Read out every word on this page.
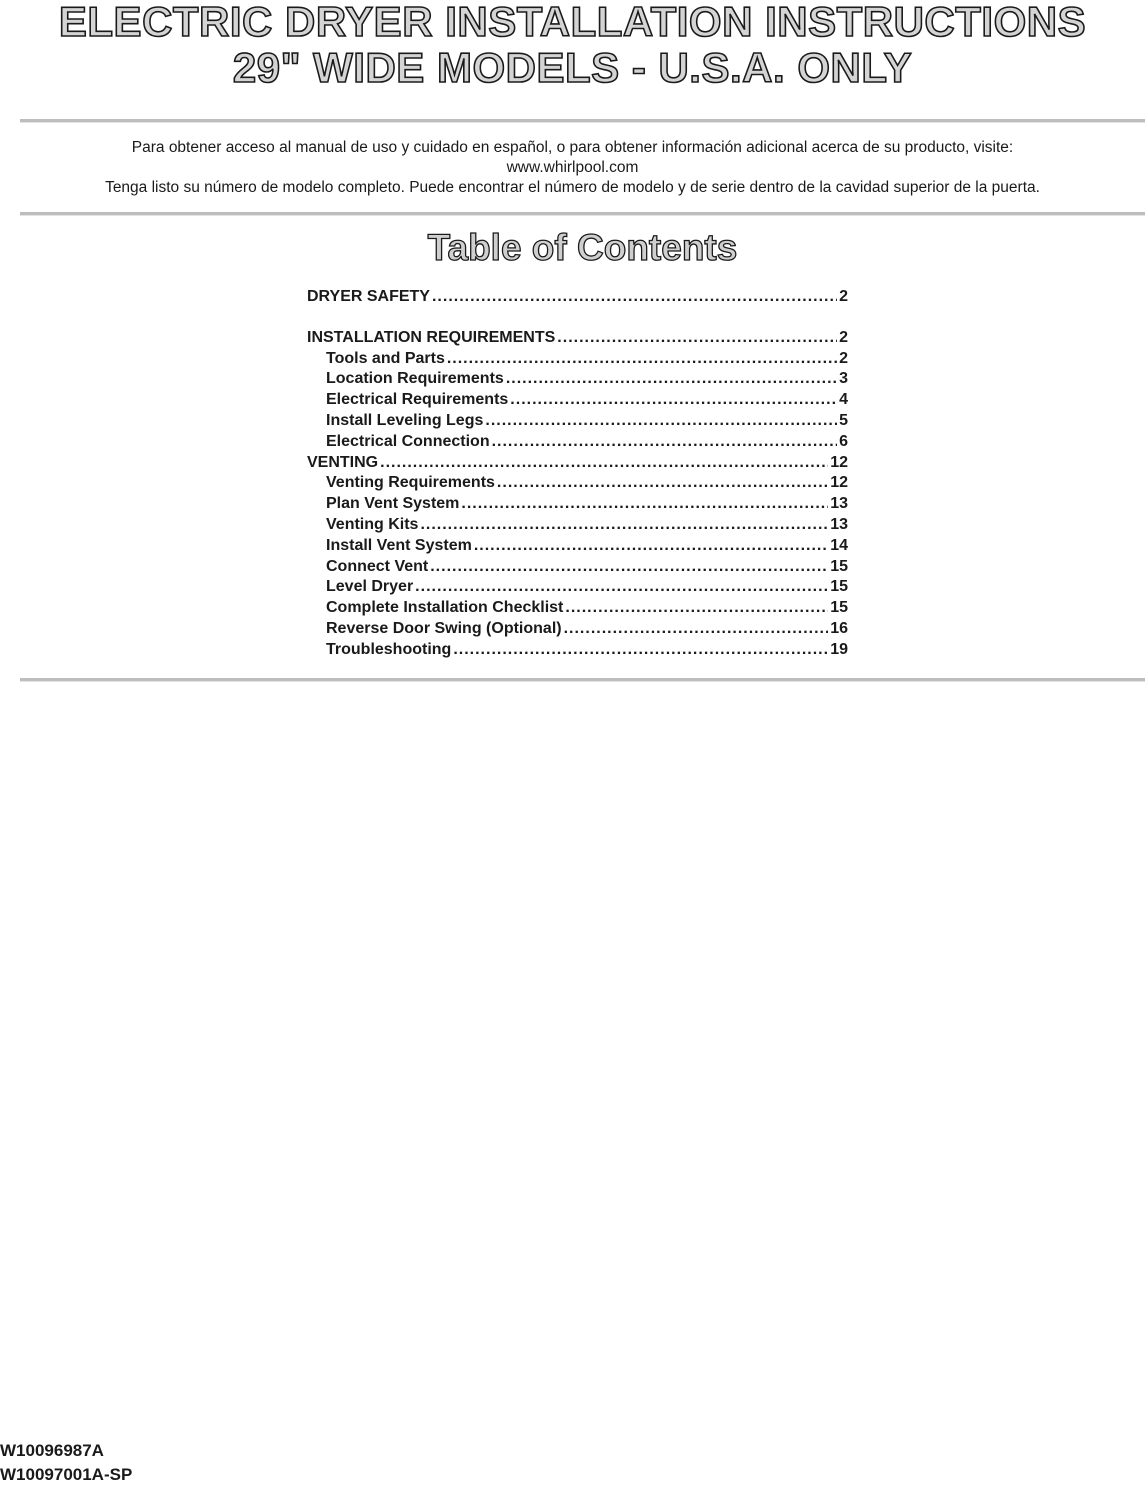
ELECTRIC DRYER INSTALLATION INSTRUCTIONS
29" WIDE MODELS - U.S.A. ONLY
Para obtener acceso al manual de uso y cuidado en español, o para obtener información adicional acerca de su producto, visite:
www.whirlpool.com
Tenga listo su número de modelo completo. Puede encontrar el número de modelo y de serie dentro de la cavidad superior de la puerta.
Table of Contents
DRYER SAFETY .....	2
INSTALLATION REQUIREMENTS .....	2
Tools and Parts .....	2
Location Requirements .....	3
Electrical Requirements .....	4
Install Leveling Legs .....	5
Electrical Connection .....	6
VENTING .....	12
Venting Requirements .....	12
Plan Vent System .....	13
Venting Kits .....	13
Install Vent System .....	14
Connect Vent .....	15
Level Dryer .....	15
Complete Installation Checklist .....	15
Reverse Door Swing (Optional) .....	16
Troubleshooting .....	19
W10096987A
W10097001A-SP
